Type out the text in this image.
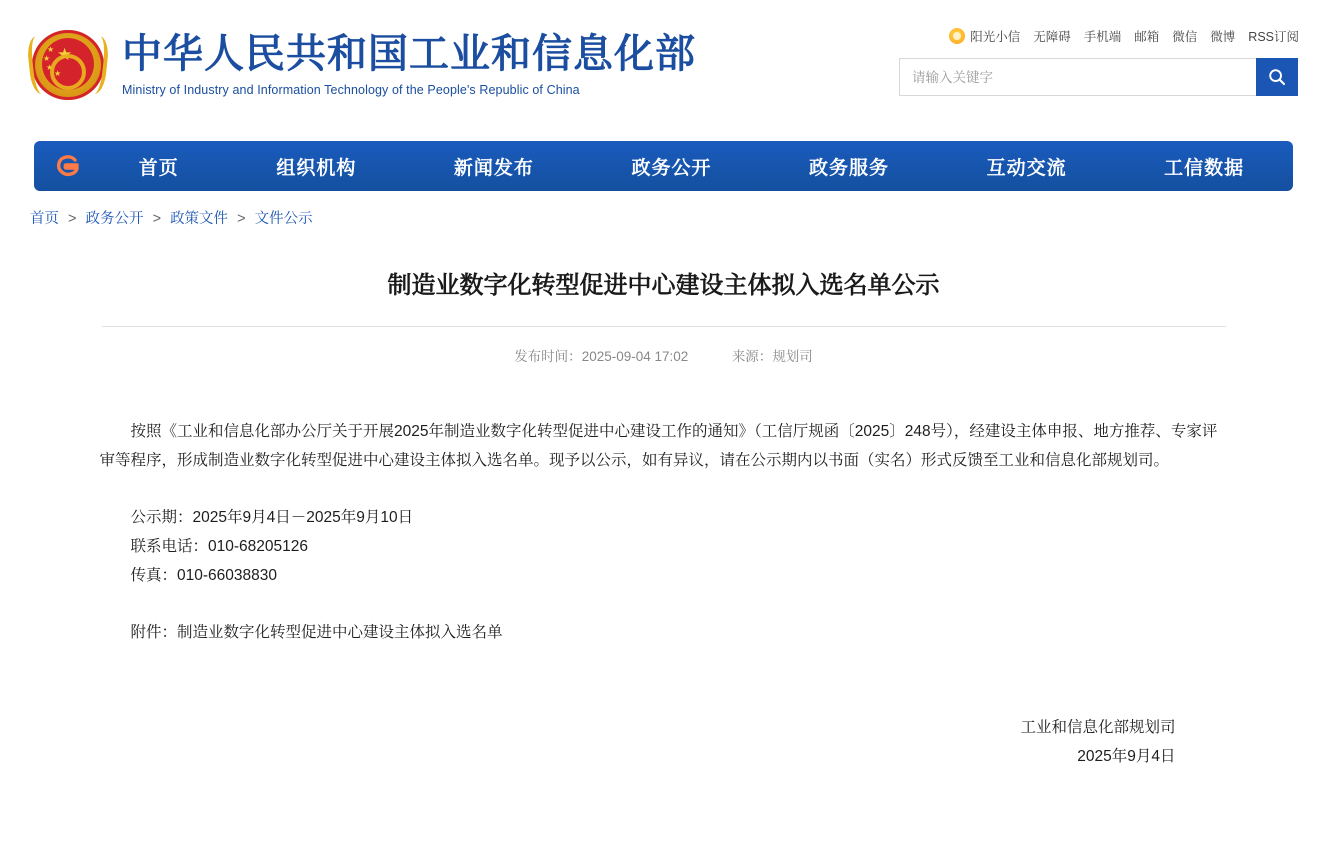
★
★
★
★
★ 中华人民共和国工业和信息化部
Ministry of Industry and Information Technology of the People's Republic of China
阳光小信 无障碍 手机端 邮箱 微信 微博 RSS订阅
请输入关键字
首页	组织机构	新闻发布	政务公开	政务服务	互动交流	工信数据
首页 > 政务公开 > 政策文件 > 文件公示
制造业数字化转型促进中心建设主体拟入选名单公示
发布时间：2025-09-04 17:02	来源：规划司
按照《工业和信息化部办公厅关于开展2025年制造业数字化转型促进中心建设工作的通知》（工信厅规函〔2025〕248号），经建设主体申报、地方推荐、专家评审等程序，形成制造业数字化转型促进中心建设主体拟入选名单。现予以公示，如有异议，请在公示期内以书面（实名）形式反馈至工业和信息化部规划司。
公示期：2025年9月4日－2025年9月10日
联系电话：010-68205126
传真：010-66038830
附件：制造业数字化转型促进中心建设主体拟入选名单
工业和信息化部规划司
2025年9月4日
